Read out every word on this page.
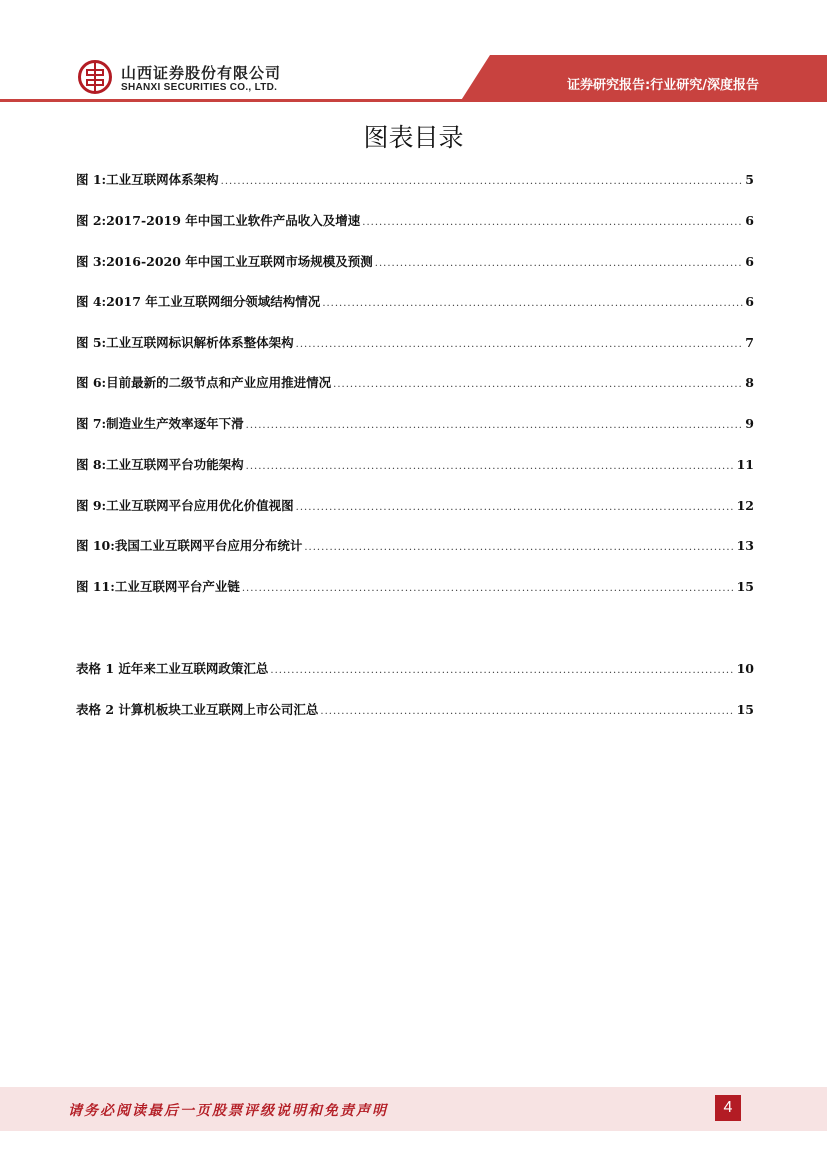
山西证券股份有限公司
SHANXI SECURITIES CO., LTD.	证券研究报告:行业研究/深度报告
图表目录
图 1:工业互联网体系架构 .....	5
图 2:2017-2019 年中国工业软件产品收入及增速 .....	6
图 3:2016-2020 年中国工业互联网市场规模及预测 .....	6
图 4:2017 年工业互联网细分领域结构情况 .....	6
图 5:工业互联网标识解析体系整体架构 .....	7
图 6:目前最新的二级节点和产业应用推进情况 .....	8
图 7:制造业生产效率逐年下滑 .....	9
图 8:工业互联网平台功能架构 .....	11
图 9:工业互联网平台应用优化价值视图 .....	12
图 10:我国工业互联网平台应用分布统计 .....	13
图 11:工业互联网平台产业链 .....	15
表格 1 近年来工业互联网政策汇总 .....	10
表格 2 计算机板块工业互联网上市公司汇总 .....	15
请务必阅读最后一页股票评级说明和免责声明	4
